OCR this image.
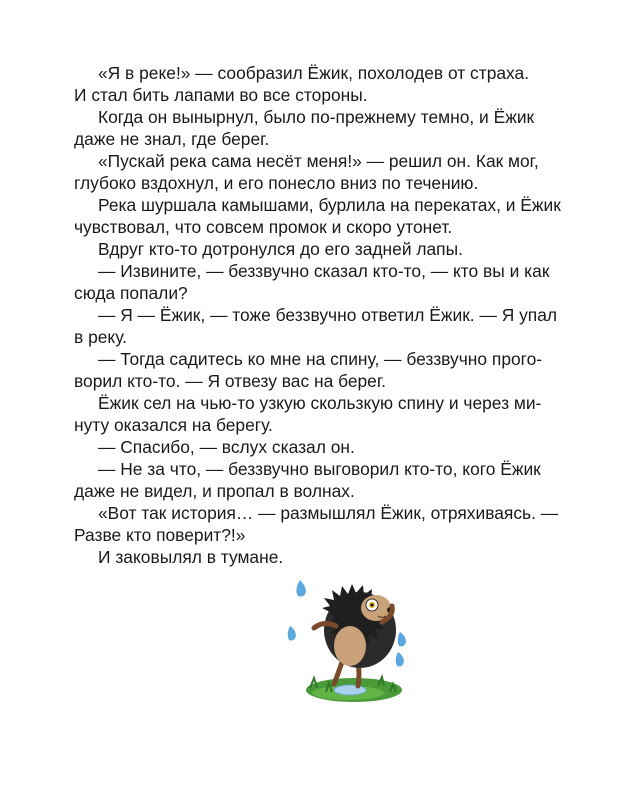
«Я в реке!» — сообразил Ёжик, похолодев от страха.
И стал бить лапами во все стороны.

Когда он вынырнул, было по-прежнему темно, и Ёжик
даже не знал, где берег.

«Пускай река сама несёт меня!» — решил он. Как мог,
глубоко вздохнул, и его понесло вниз по течению.

Река шуршала камышами, бурлила на перекатах, и Ёжик
чувствовал, что совсем промок и скоро утонет.

Вдруг кто-то дотронулся до его задней лапы.

— Извините, — беззвучно сказал кто-то, — кто вы и как
сюда попали?

— Я — Ёжик, — тоже беззвучно ответил Ёжик. — Я упал
в реку.

— Тогда садитесь ко мне на спину, — беззвучно прого-
ворил кто-то. — Я отвезу вас на берег.

Ёжик сел на чью-то узкую скользкую спину и через ми-
нуту оказался на берегу.

— Спасибо, — вслух сказал он.

— Не за что, — беззвучно выговорил кто-то, кого Ёжик
даже не видел, и пропал в волнах.

«Вот так история… — размышлял Ёжик, отряхиваясь. —
Разве кто поверит?!»

И заковылял в тумане.
